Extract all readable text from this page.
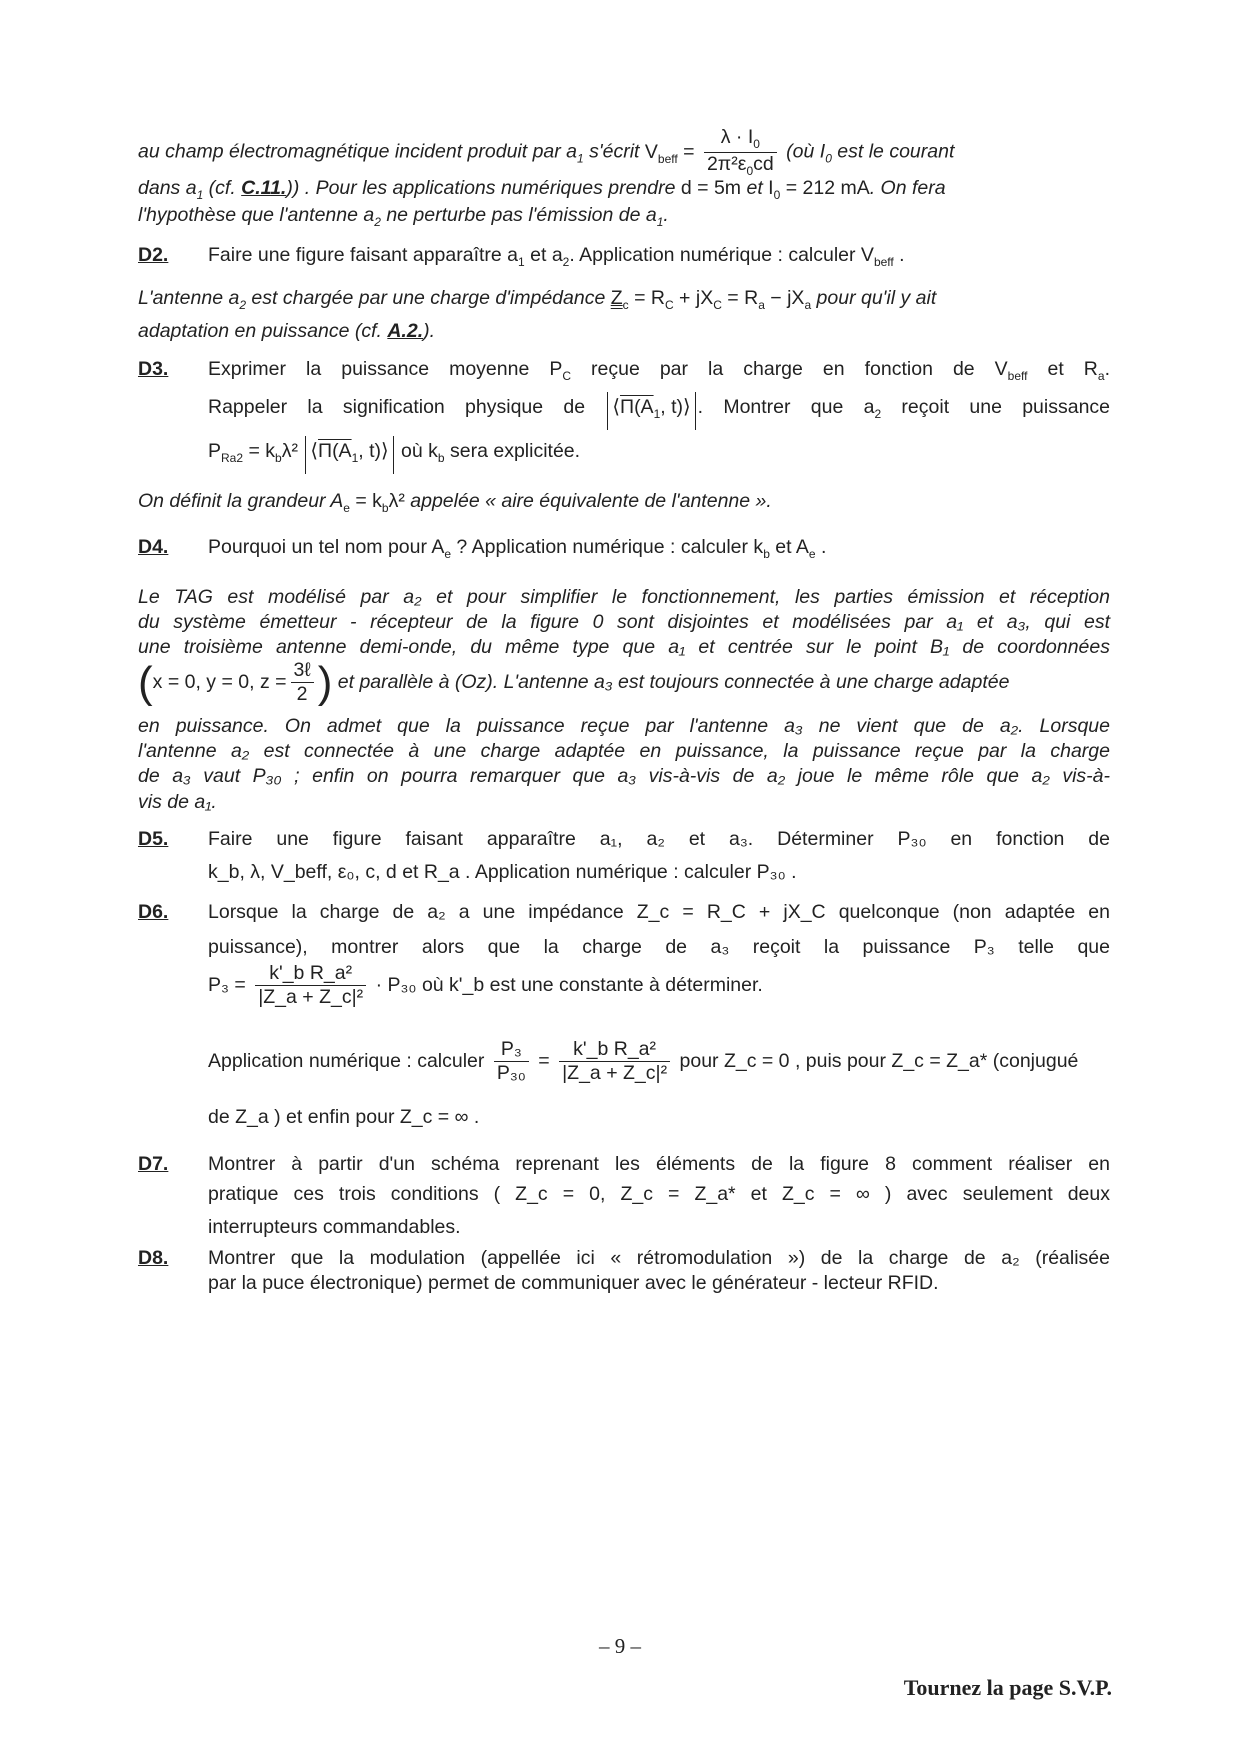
au champ électromagnétique incident produit par $a_1$ s'écrit $V_{beff} = \frac{\lambda \cdot I_0}{2\pi^2\varepsilon_0cd}$ (où $I_0$ est le courant
dans $a_1$ (cf. C.11.)) . Pour les applications numériques prendre d = 5m et $I_0 = 212$ mA. On fera
l'hypothèse que l'antenne $a_2$ ne perturbe pas l'émission de $a_1$.
D2. Faire une figure faisant apparaître $a_1$ et $a_2$. Application numérique : calculer $V_{beff}$ .
L'antenne $a_2$ est chargée par une charge d'impédance $Z_c = R_C + jX_C = R_a - jX_a$ pour qu'il y ait
adaptation en puissance (cf. A.2.).
D3. Exprimer la puissance moyenne $P_C$ reçue par la charge en fonction de $V_{beff}$ et $R_a$.
Rappeler la signification physique de $⟨\Pi(A_1$, t)⟩ . Montrer que $a_2$ reçoit une puissance
$P_{Ra2} = k_b\lambda^2$ $⟨\Pi(A_1$, t)⟩ où $k_b$ sera explicitée.
On définit la grandeur $A_e = k_b\lambda^2$ appelée « aire équivalente de l'antenne ».
D4. Pourquoi un tel nom pour $A_e$ ? Application numérique : calculer $k_b$ et $A_e$ .
Le TAG est modélisé par a₂ et pour simplifier le fonctionnement, les parties émission et réception
du système émetteur - récepteur de la figure 0 sont disjointes et modélisées par a₁ et a₃, qui est
une troisième antenne demi-onde, du même type que a₁ et centrée sur le point B₁ de coordonnées
(x = 0, y = 0, $z = \frac{\text{3ℓ}}{2}$ ) et parallèle à (Oz). L'antenne a₃ est toujours connectée à une charge adaptée
en puissance. On admet que la puissance reçue par l'antenne a₃ ne vient que de a₂. Lorsque
l'antenne a₂ est connectée à une charge adaptée en puissance, la puissance reçue par la charge
de a₃ vaut P₃₀ ; enfin on pourra remarquer que a₃ vis-à-vis de a₂ joue le même rôle que a₂ vis-à-
vis de a₁.
D5. Faire une figure faisant apparaître a₁, a₂ et a₃. Déterminer P₃₀ en fonction de
k_b, λ, V_beff, ε₀, c, d et R_a . Application numérique : calculer P₃₀ .
D6. Lorsque la charge de a₂ a une impédance Z_c = R_C + jX_C quelconque (non adaptée en
puissance), montrer alors que la charge de a₃ reçoit la puissance P₃ telle que
$P_3 = \frac{\text{k'\_b R\_a²}}{\text{|Z\_a + Z\_c|²}} \cdot P_{30}$ où k'_b est une constante à déterminer.
Application numérique : calculer $\frac{\text{P₃}}{\text{P₃₀}} = \frac{\text{k'\_b R\_a²}}{\text{|Z\_a + Z\_c|²}}$ pour Z_c = 0 , puis pour Z_c = Z_a* (conjugué
de Z_a ) et enfin pour Z_c = ∞ .
D7. Montrer à partir d'un schéma reprenant les éléments de la figure 8 comment réaliser en
pratique ces trois conditions ( Z_c = 0, Z_c = Z_a* et Z_c = ∞ ) avec seulement deux
interrupteurs commandables.
D8. Montrer que la modulation (appellée ici « rétromodulation ») de la charge de a₂ (réalisée
par la puce électronique) permet de communiquer avec le générateur - lecteur RFID.
– 9 –
Tournez la page S.V.P.
